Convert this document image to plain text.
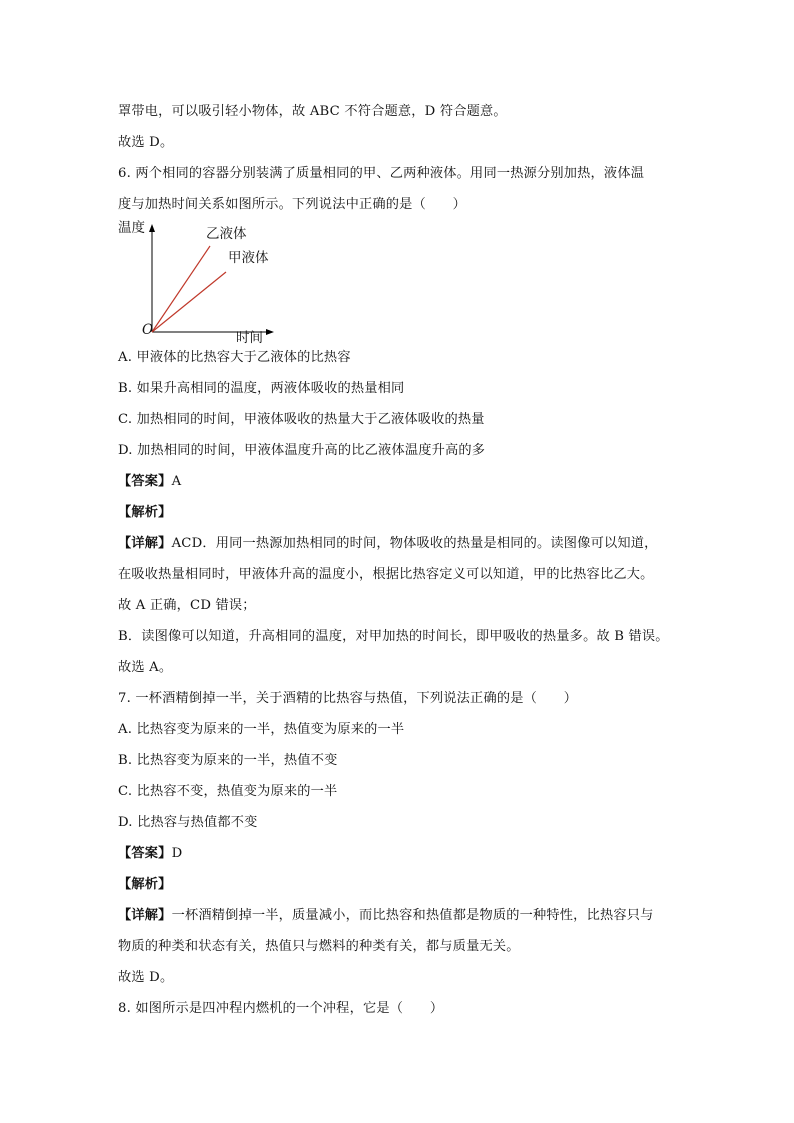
罩带电，可以吸引轻小物体，故 ABC 不符合题意，D 符合题意。
故选 D。
6. 两个相同的容器分别装满了质量相同的甲、乙两种液体。用同一热源分别加热，液体温
度与加热时间关系如图所示。下列说法中正确的是（　　）
温度	乙液体
甲液体
O	时间
A. 甲液体的比热容大于乙液体的比热容
B. 如果升高相同的温度，两液体吸收的热量相同
C. 加热相同的时间，甲液体吸收的热量大于乙液体吸收的热量
D. 加热相同的时间，甲液体温度升高的比乙液体温度升高的多
【答案】A
【解析】
【详解】ACD．用同一热源加热相同的时间，物体吸收的热量是相同的。读图像可以知道，
在吸收热量相同时，甲液体升高的温度小，根据比热容定义可以知道，甲的比热容比乙大。
故 A 正确，CD 错误；
B．读图像可以知道，升高相同的温度，对甲加热的时间长，即甲吸收的热量多。故 B 错误。
故选 A。
7. 一杯酒精倒掉一半，关于酒精的比热容与热值，下列说法正确的是（　　）
A. 比热容变为原来的一半，热值变为原来的一半
B. 比热容变为原来的一半，热值不变
C. 比热容不变，热值变为原来的一半
D. 比热容与热值都不变
【答案】D
【解析】
【详解】一杯酒精倒掉一半，质量减小，而比热容和热值都是物质的一种特性，比热容只与
物质的种类和状态有关，热值只与燃料的种类有关，都与质量无关。
故选 D。
8. 如图所示是四冲程内燃机的一个冲程，它是（　　）
